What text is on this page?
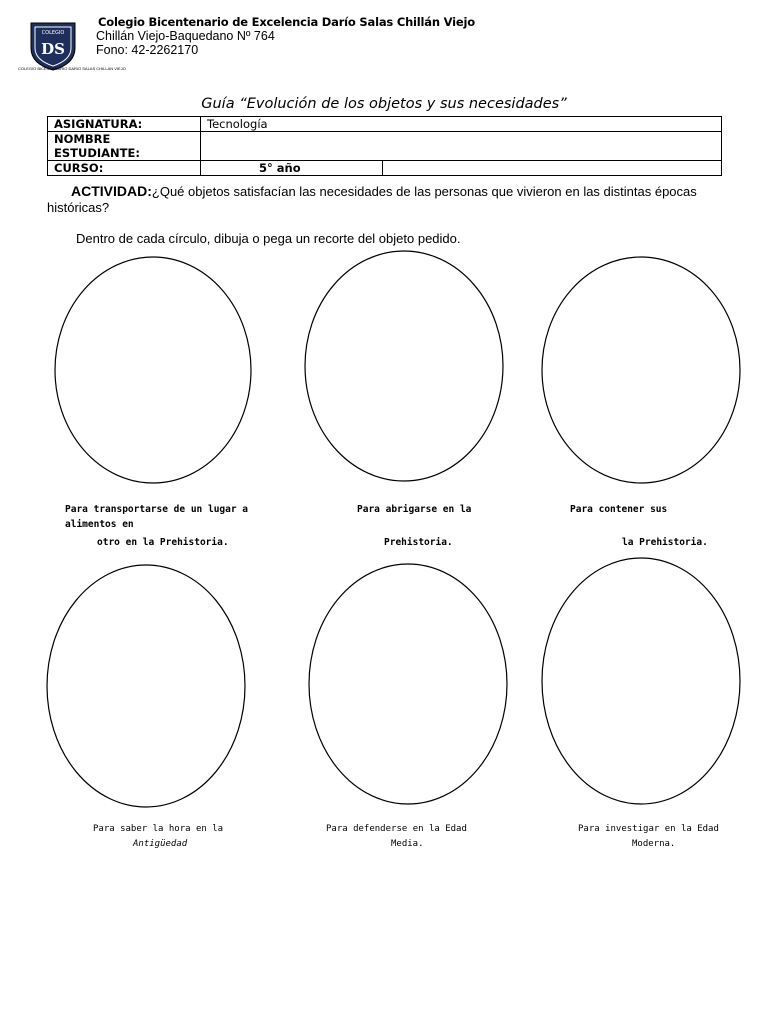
COLEGIO
DS
COLEGIO BICENTENARIO DARIO SALAS CHILLAN VIEJO
Colegio Bicentenario de Excelencia Darío Salas Chillán Viejo
Chillán Viejo-Baquedano Nº 764
Fono: 42-2262170
Guía “Evolución de los objetos y sus necesidades”
ASIGNATURA:	Tecnología	
NOMBRE ESTUDIANTE:		
CURSO:	5° año	
ACTIVIDAD:¿Qué objetos satisfacían las necesidades de las personas que vivieron en las distintas épocas históricas?
Dentro de cada círculo, dibuja o pega un recorte del objeto pedido.
Para transportarse de un lugar a
alimentos en
otro en la Prehistoria.
Para abrigarse en la
Prehistoria.
Para contener sus
la Prehistoria.
Para saber la hora en la
Antigüedad
Para defenderse en la Edad
Media.
Para investigar en la Edad
Moderna.
